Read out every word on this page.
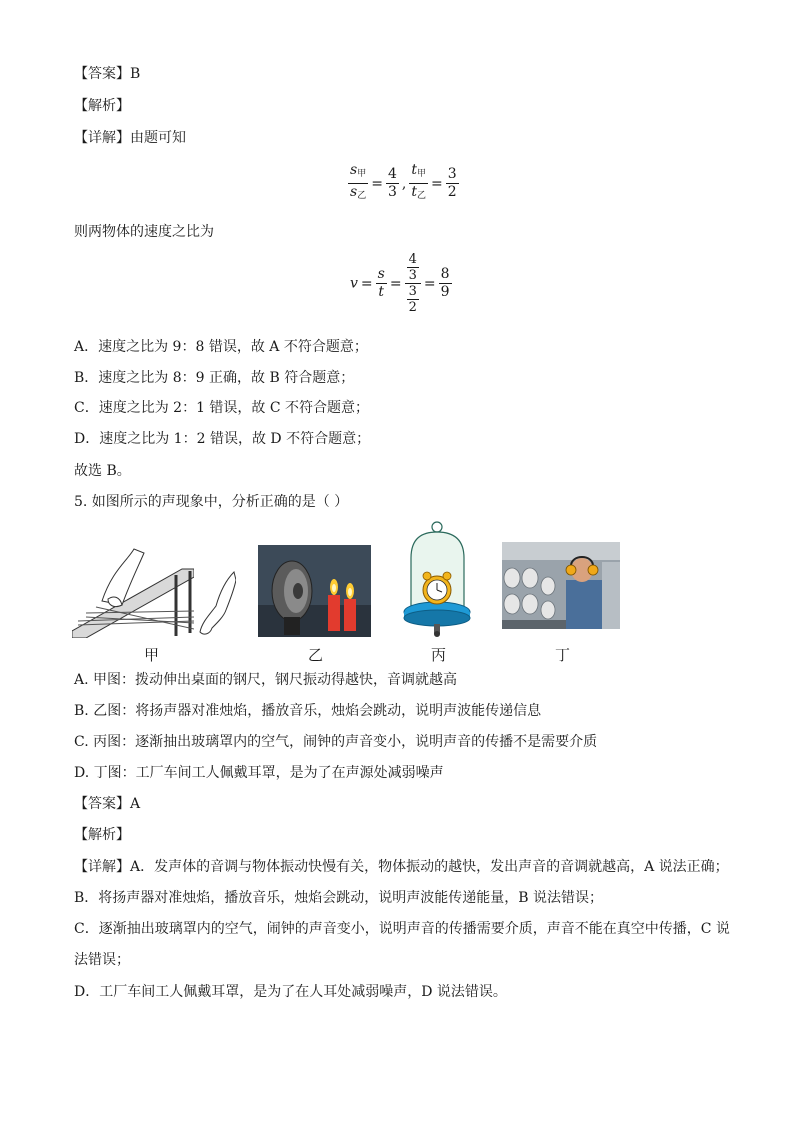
【答案】B
【解析】
【详解】由题可知
$\frac{s_甲}{s_乙} = \frac{4}{3}$ , $\frac{t_甲}{t_乙} = \frac{3}{2}$
则两物体的速度之比为
$v = \frac{s}{t} = \frac{\frac{4}{3}}{\frac{3}{2}} = \frac{8}{9}$
A．速度之比为 9：8 错误，故 A 不符合题意；
B．速度之比为 8：9 正确，故 B 符合题意；
C．速度之比为 2：1 错误，故 C 不符合题意；
D．速度之比为 1：2 错误，故 D 不符合题意；
故选 B。
5. 如图所示的声现象中，分析正确的是（ ）
甲	乙	丙	丁
A. 甲图：拨动伸出桌面的钢尺，钢尺振动得越快，音调就越高
B. 乙图：将扬声器对准烛焰，播放音乐，烛焰会跳动，说明声波能传递信息
C. 丙图：逐渐抽出玻璃罩内的空气，闹钟的声音变小，说明声音的传播不是需要介质
D. 丁图：工厂车间工人佩戴耳罩，是为了在声源处减弱噪声
【答案】A
【解析】
【详解】A．发声体的音调与物体振动快慢有关，物体振动的越快，发出声音的音调就越高，A 说法正确；
B．将扬声器对准烛焰，播放音乐，烛焰会跳动，说明声波能传递能量，B 说法错误；
C．逐渐抽出玻璃罩内的空气，闹钟的声音变小，说明声音的传播需要介质，声音不能在真空中传播，C 说
法错误；
D．工厂车间工人佩戴耳罩，是为了在人耳处减弱噪声，D 说法错误。
